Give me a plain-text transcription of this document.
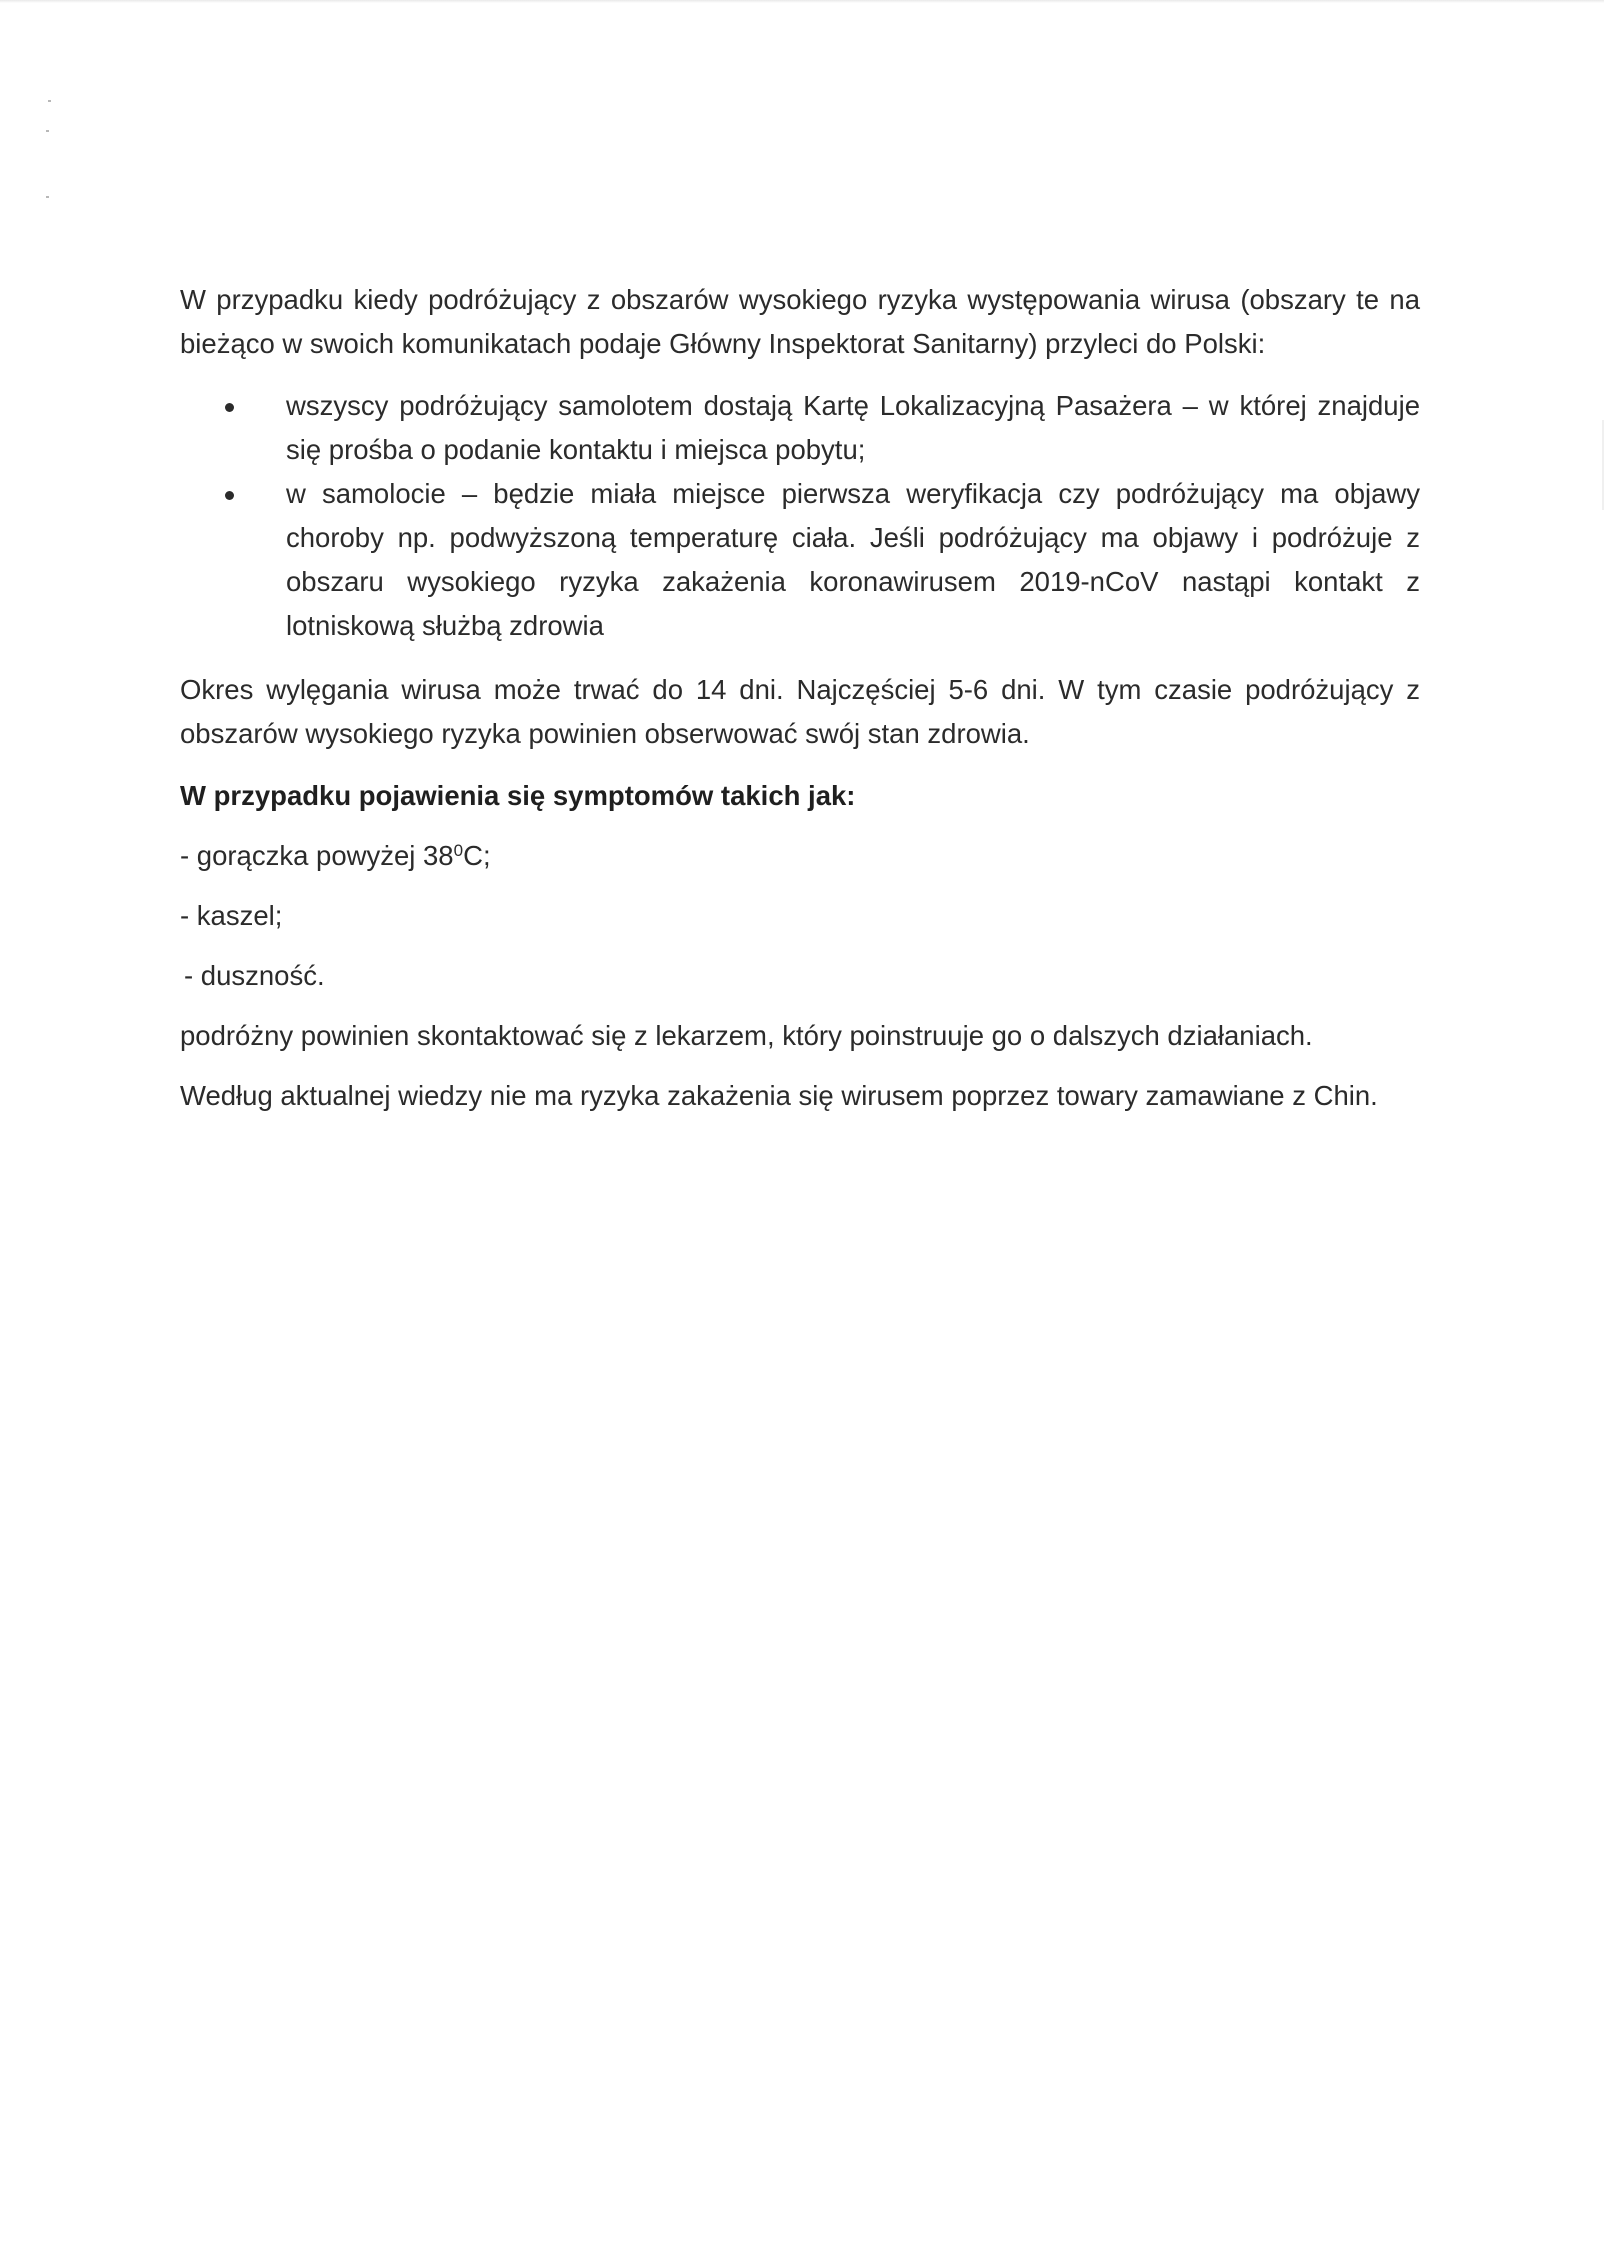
W przypadku kiedy podróżujący z obszarów wysokiego ryzyka występowania wirusa (obszary te na bieżąco w swoich komunikatach podaje Główny Inspektorat Sanitarny) przyleci do Polski:

wszyscy podróżujący samolotem dostają Kartę Lokalizacyjną Pasażera – w której znajduje się prośba o podanie kontaktu i miejsca pobytu;
w samolocie – będzie miała miejsce pierwsza weryfikacja czy podróżujący ma objawy choroby np. podwyższoną temperaturę ciała. Jeśli podróżujący ma objawy i podróżuje z obszaru wysokiego ryzyka zakażenia koronawirusem 2019-nCoV nastąpi kontakt z lotniskową służbą zdrowia

Okres wylęgania wirusa może trwać do 14 dni. Najczęściej 5-6 dni. W tym czasie podróżujący z obszarów wysokiego ryzyka powinien obserwować swój stan zdrowia.

W przypadku pojawienia się symptomów takich jak:

- gorączka powyżej $38^0C$;

- kaszel;

- duszność.

podróżny powinien skontaktować się z lekarzem, który poinstruuje go o dalszych działaniach.

Według aktualnej wiedzy nie ma ryzyka zakażenia się wirusem poprzez towary zamawiane z Chin.
